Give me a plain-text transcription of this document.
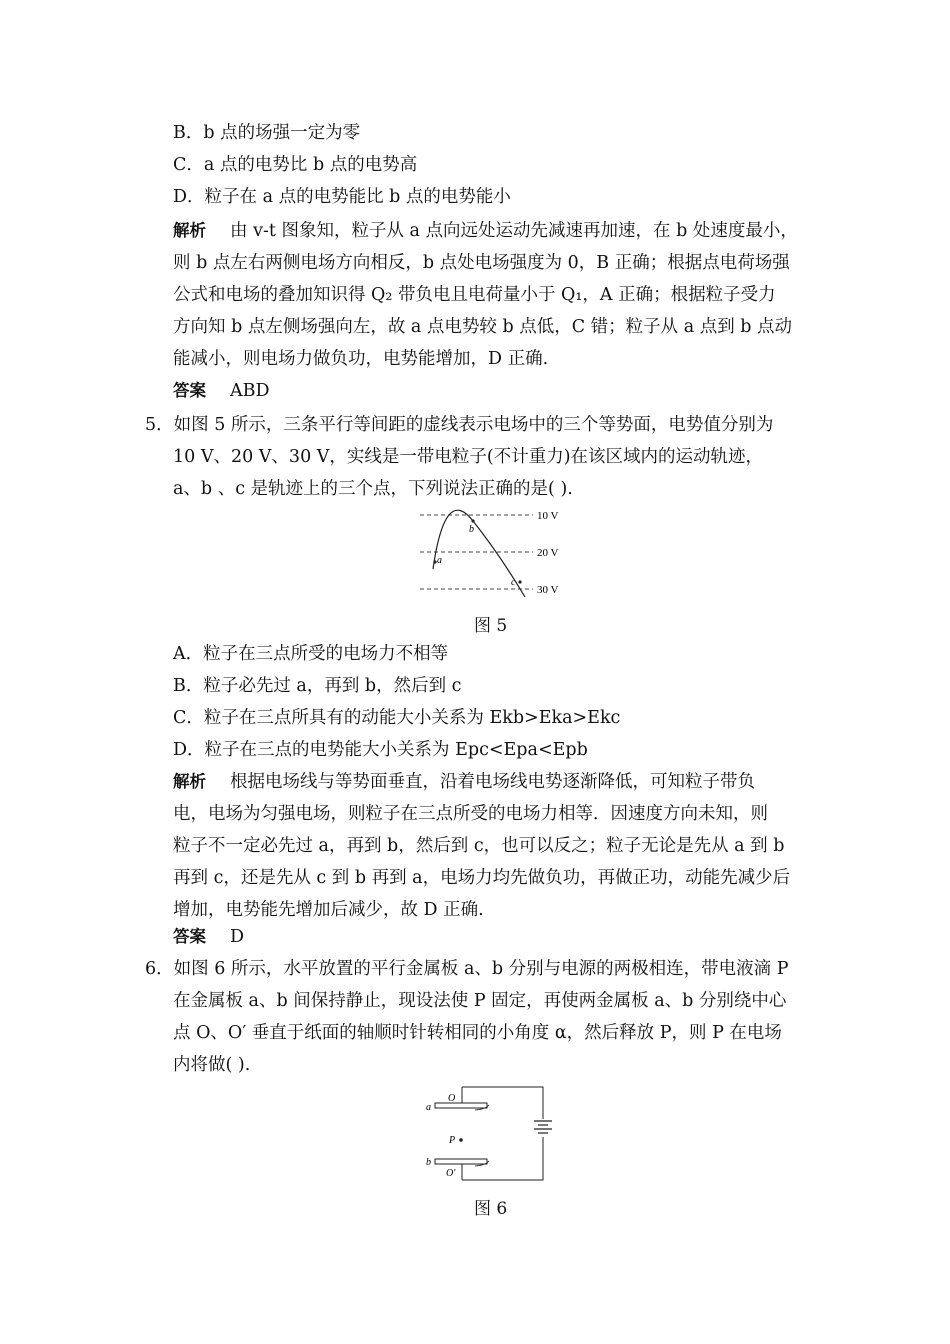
B．b 点的场强一定为零
C．a 点的电势比 b 点的电势高
D．粒子在 a 点的电势能比 b 点的电势能小
解析 由 v-t 图象知，粒子从 a 点向远处运动先减速再加速，在 b 处速度最小，
则 b 点左右两侧电场方向相反，b 点处电场强度为 0，B 正确；根据点电荷场强
公式和电场的叠加知识得 Q₂ 带负电且电荷量小于 Q₁，A 正确；根据粒子受力
方向知 b 点左侧场强向左，故 a 点电势较 b 点低，C 错；粒子从 a 点到 b 点动
能减小，则电场力做负功，电势能增加，D 正确.
答案 ABD
5．如图 5 所示，三条平行等间距的虚线表示电场中的三个等势面，电势值分别为
10 V、20 V、30 V，实线是一带电粒子(不计重力)在该区域内的运动轨迹，
a、b 、c 是轨迹上的三个点，下列说法正确的是( ).
10 V
20 V
30 V
a
b
c
图 5
A．粒子在三点所受的电场力不相等
B．粒子必先过 a，再到 b，然后到 c
C．粒子在三点所具有的动能大小关系为 Ekb>Eka>Ekc
D．粒子在三点的电势能大小关系为 Epc<Epa<Epb
解析 根据电场线与等势面垂直，沿着电场线电势逐渐降低，可知粒子带负
电，电场为匀强电场，则粒子在三点所受的电场力相等．因速度方向未知，则
粒子不一定必先过 a，再到 b，然后到 c，也可以反之；粒子无论是先从 a 到 b
再到 c，还是先从 c 到 b 再到 a，电场力均先做负功，再做正功，动能先减少后
增加，电势能先增加后减少，故 D 正确.
答案 D
6．如图 6 所示，水平放置的平行金属板 a、b 分别与电源的两极相连，带电液滴 P
在金属板 a、b 间保持静止，现设法使 P 固定，再使两金属板 a、b 分别绕中心
点 O、O′ 垂直于纸面的轴顺时针转相同的小角度 α，然后释放 P，则 P 在电场
内将做( ).
a
O
P
b
O′
图 6
